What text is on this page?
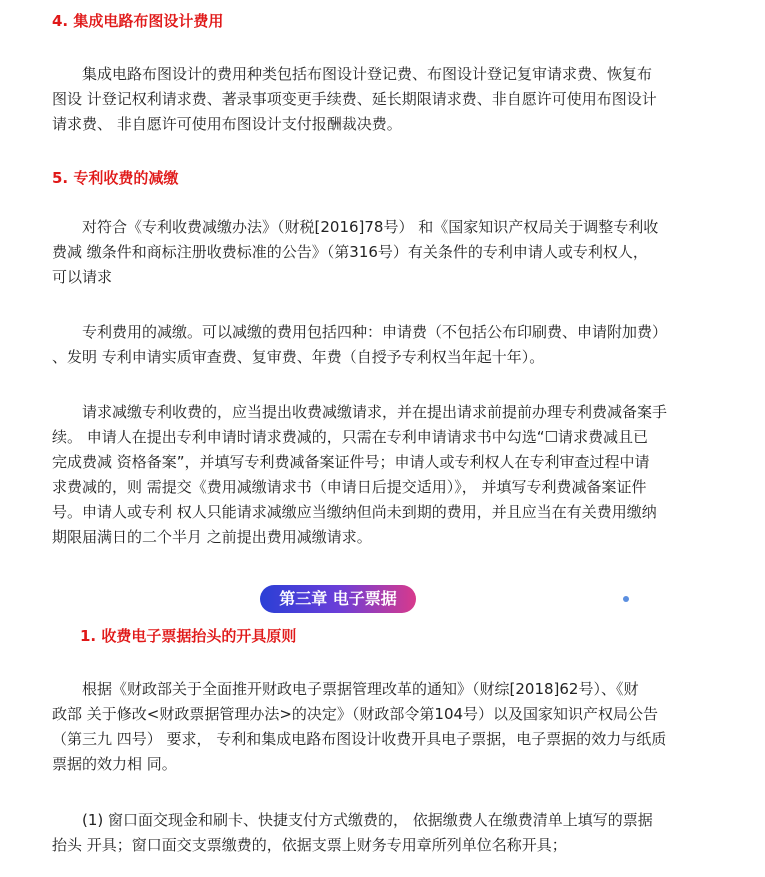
4. 集成电路布图设计费用
　　集成电路布图设计的费用种类包括布图设计登记费、布图设计登记复审请求费、恢复布
图设 计登记权利请求费、著录事项变更手续费、延长期限请求费、非自愿许可使用布图设计
请求费、 非自愿许可使用布图设计支付报酬裁决费。
5. 专利收费的减缴
　　对符合《专利收费减缴办法》（财税[2016]78号） 和《国家知识产权局关于调整专利收
费减 缴条件和商标注册收费标准的公告》（第316号）有关条件的专利申请人或专利权人，
可以请求
　　专利费用的减缴。可以减缴的费用包括四种：申请费（不包括公布印刷费、申请附加费）
、发明 专利申请实质审查费、复审费、年费（自授予专利权当年起十年）。
　　请求减缴专利收费的，应当提出收费减缴请求，并在提出请求前提前办理专利费减备案手
续。 申请人在提出专利申请时请求费减的，只需在专利申请请求书中勾选“☐请求费减且已
完成费减 资格备案”，并填写专利费减备案证件号；申请人或专利权人在专利审查过程中请
求费减的，则 需提交《费用减缴请求书（申请日后提交适用）》， 并填写专利费减备案证件
号。申请人或专利 权人只能请求减缴应当缴纳但尚未到期的费用，并且应当在有关费用缴纳
期限届满日的二个半月 之前提出费用减缴请求。
第三章 电子票据
1. 收费电子票据抬头的开具原则
　　根据《财政部关于全面推开财政电子票据管理改革的通知》（财综[2018]62号）、《财
政部 关于修改<财政票据管理办法>的决定》（财政部令第104号）以及国家知识产权局公告
（第三九 四号） 要求， 专利和集成电路布图设计收费开具电子票据，电子票据的效力与纸质
票据的效力相 同。
　　(1) 窗口面交现金和刷卡、快捷支付方式缴费的， 依据缴费人在缴费清单上填写的票据
抬头 开具；窗口面交支票缴费的，依据支票上财务专用章所列单位名称开具；
